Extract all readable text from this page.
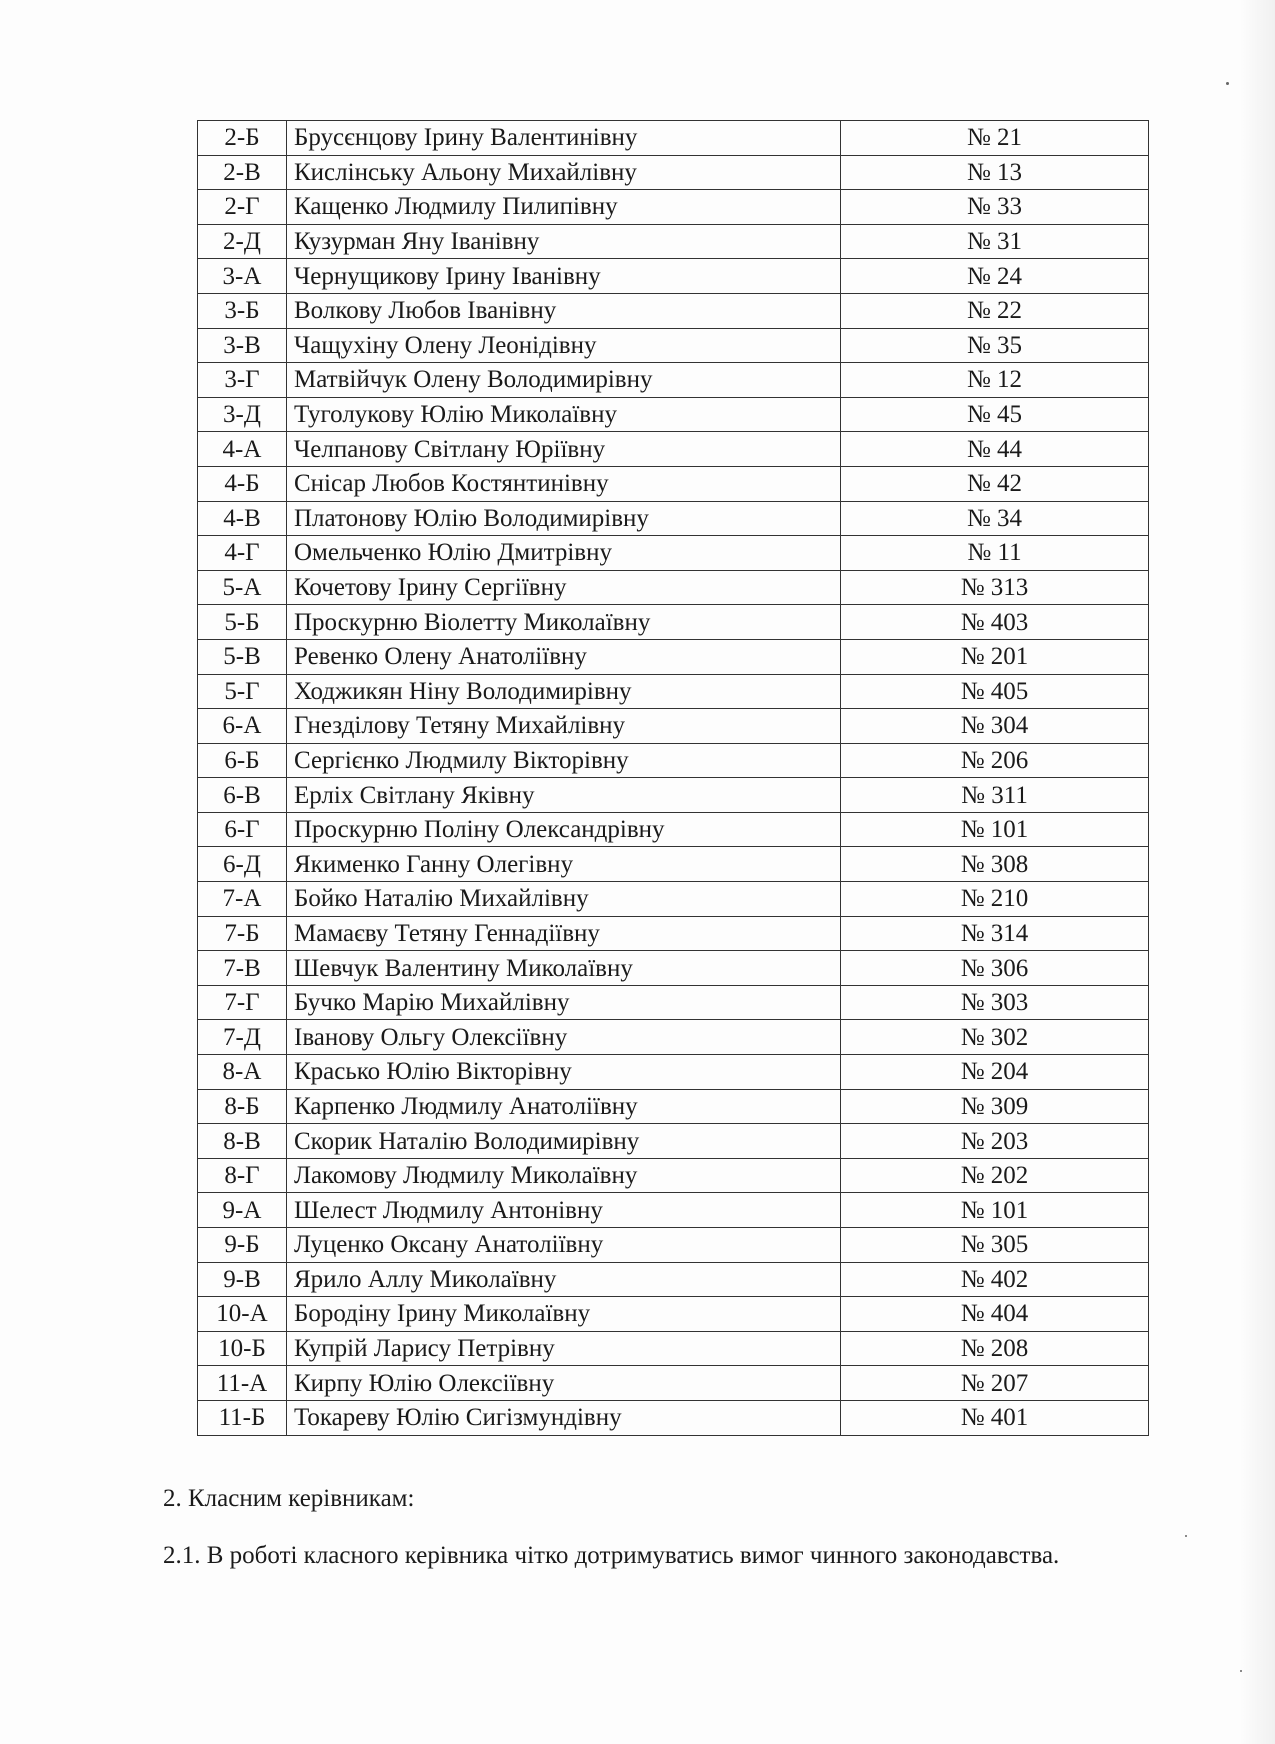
2-Б	Брусєнцову Ірину Валентинівну	№ 21
2-В	Кислінську Альону Михайлівну	№ 13
2-Г	Кащенко Людмилу Пилипівну	№ 33
2-Д	Кузурман Яну Іванівну	№ 31
3-А	Чернущикову Ірину Іванівну	№ 24
3-Б	Волкову Любов Іванівну	№ 22
3-В	Чащухіну Олену Леонідівну	№ 35
3-Г	Матвійчук Олену Володимирівну	№ 12
3-Д	Туголукову Юлію Миколаївну	№ 45
4-А	Челпанову Світлану Юріївну	№ 44
4-Б	Снісар Любов Костянтинівну	№ 42
4-В	Платонову Юлію Володимирівну	№ 34
4-Г	Омельченко Юлію Дмитрівну	№ 11
5-А	Кочетову Ірину Сергіївну	№ 313
5-Б	Проскурню Віолетту Миколаївну	№ 403
5-В	Ревенко Олену Анатоліївну	№ 201
5-Г	Ходжикян Ніну Володимирівну	№ 405
6-А	Гнезділову Тетяну Михайлівну	№ 304
6-Б	Сергієнко Людмилу Вікторівну	№ 206
6-В	Ерліх Світлану Яківну	№ 311
6-Г	Проскурню Поліну Олександрівну	№ 101
6-Д	Якименко Ганну Олегівну	№ 308
7-А	Бойко Наталію Михайлівну	№ 210
7-Б	Мамаєву Тетяну Геннадіївну	№ 314
7-В	Шевчук Валентину Миколаївну	№ 306
7-Г	Бучко Марію Михайлівну	№ 303
7-Д	Іванову Ольгу Олексіївну	№ 302
8-А	Красько Юлію Вікторівну	№ 204
8-Б	Карпенко Людмилу Анатоліївну	№ 309
8-В	Скорик Наталію Володимирівну	№ 203
8-Г	Лакомову Людмилу Миколаївну	№ 202
9-А	Шелест Людмилу Антонівну	№ 101
9-Б	Луценко Оксану Анатоліївну	№ 305
9-В	Ярило Аллу Миколаївну	№ 402
10-А	Бородіну Ірину Миколаївну	№ 404
10-Б	Купрій Ларису Петрівну	№ 208
11-А	Кирпу Юлію Олексіївну	№ 207
11-Б	Токареву Юлію Сигізмундівну	№ 401
2. Класним керівникам:
2.1. В роботі класного керівника чітко дотримуватись вимог чинного законодавства.
